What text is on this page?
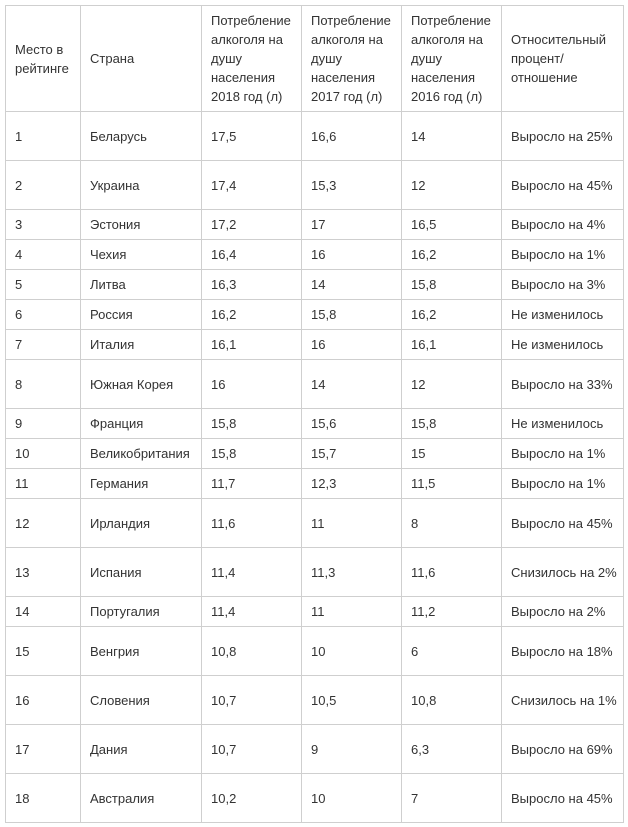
Место в рейтинге	Страна	Потребление алкоголя на душу населения 2018 год (л)	Потребление алкоголя на душу населения 2017 год (л)	Потребление алкоголя на душу населения 2016 год (л)	Относительный процент/ отношение
1	Беларусь	17,5	16,6	14	Выросло на 25%
2	Украина	17,4	15,3	12	Выросло на 45%
3	Эстония	17,2	17	16,5	Выросло на 4%
4	Чехия	16,4	16	16,2	Выросло на 1%
5	Литва	16,3	14	15,8	Выросло на 3%
6	Россия	16,2	15,8	16,2	Не изменилось
7	Италия	16,1	16	16,1	Не изменилось
8	Южная Корея	16	14	12	Выросло на 33%
9	Франция	15,8	15,6	15,8	Не изменилось
10	Великобритания	15,8	15,7	15	Выросло на 1%
11	Германия	11,7	12,3	11,5	Выросло на 1%
12	Ирландия	11,6	11	8	Выросло на 45%
13	Испания	11,4	11,3	11,6	Снизилось на 2%
14	Португалия	11,4	11	11,2	Выросло на 2%
15	Венгрия	10,8	10	6	Выросло на 18%
16	Словения	10,7	10,5	10,8	Снизилось на 1%
17	Дания	10,7	9	6,3	Выросло на 69%
18	Австралия	10,2	10	7	Выросло на 45%
